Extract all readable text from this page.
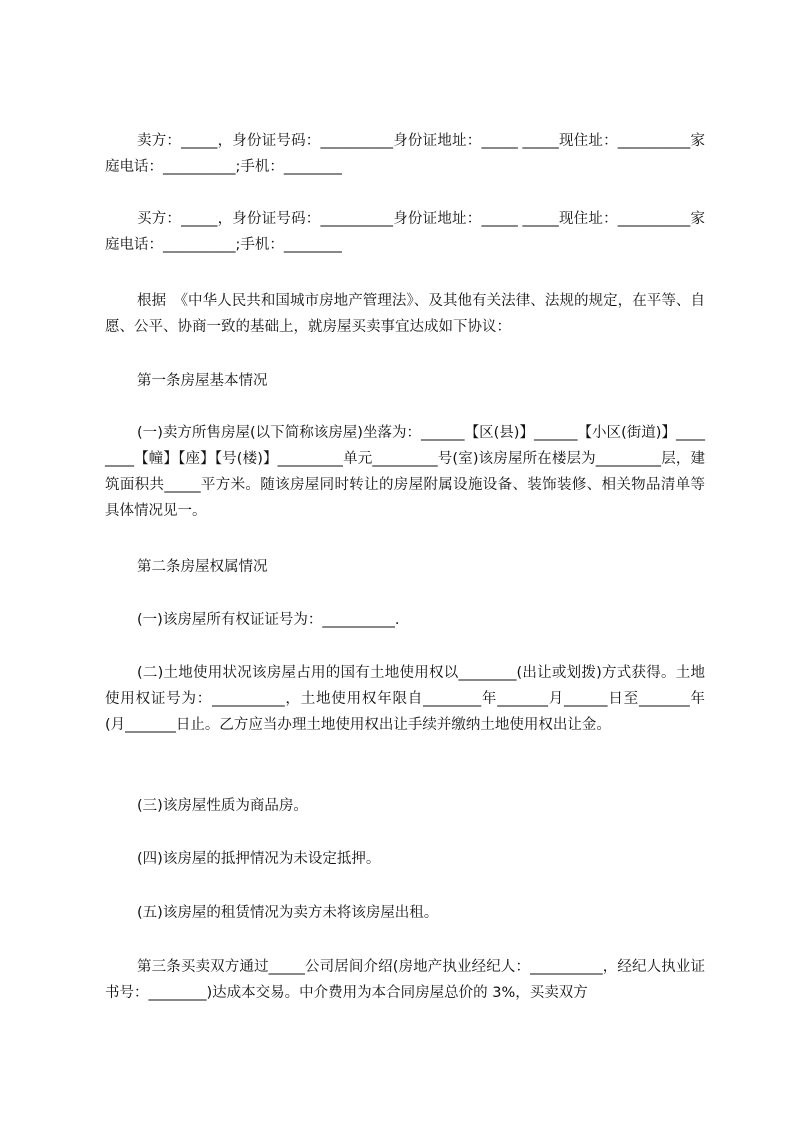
卖方：_____，身份证号码：__________身份证地址：_____ _____现住址：__________家庭电话：__________;手机：________

买方：_____，身份证号码：__________身份证地址：_____ _____现住址：__________家庭电话：__________;手机：________

根据　《中华人民共和国城市房地产管理法》、及其他有关法律、法规的规定，在平等、自愿、公平、协商一致的基础上，就房屋买卖事宜达成如下协议：

第一条房屋基本情况

(一)卖方所售房屋(以下简称该房屋)坐落为：______【区(县)】______【小区(街道)】________【幢】【座】【号(楼)】_________单元_________号(室)该房屋所在楼层为_________层，建筑面积共_____平方米。随该房屋同时转让的房屋附属设施设备、装饰装修、相关物品清单等具体情况见一。

第二条房屋权属情况

(一)该房屋所有权证证号为：__________.

(二)土地使用状况该房屋占用的国有土地使用权以________(出让或划拨)方式获得。土地使用权证号为：__________，土地使用权年限自________年_______月______日至_______年(月_______日止。乙方应当办理土地使用权出让手续并缴纳土地使用权出让金。

(三)该房屋性质为商品房。

(四)该房屋的抵押情况为未设定抵押。

(五)该房屋的租赁情况为卖方未将该房屋出租。

第三条买卖双方通过_____公司居间介绍(房地产执业经纪人：__________，经纪人执业证书号：________)达成本交易。中介费用为本合同房屋总价的 3%，买卖双方
